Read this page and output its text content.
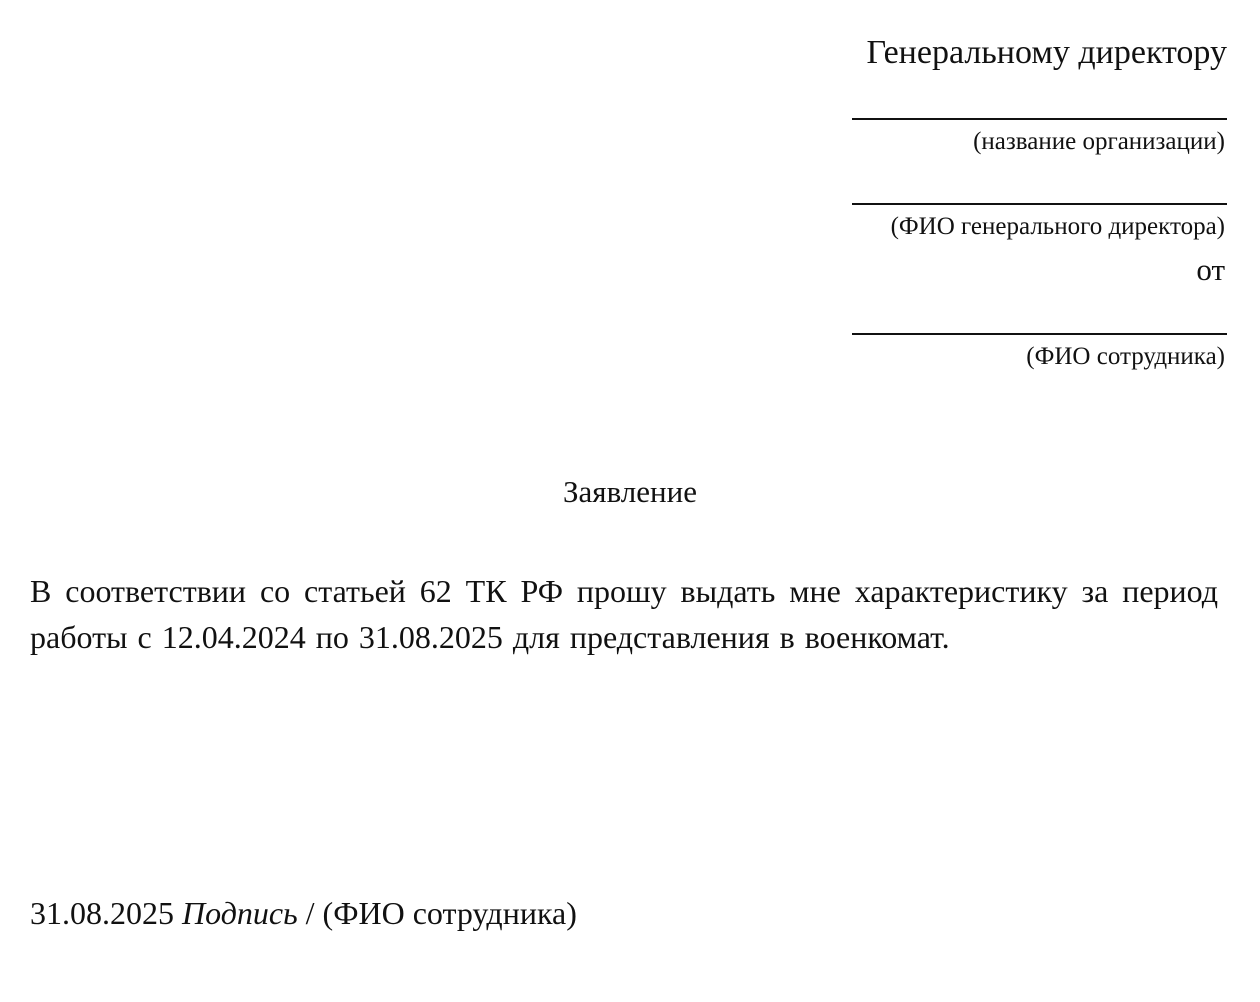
Генеральному директору
(название организации)
(ФИО генерального директора)
от
(ФИО сотрудника)
Заявление
В соответствии со статьей 62 ТК РФ прошу выдать мне характеристику за период работы с 12.04.2024 по 31.08.2025 для представления в военкомат.
31.08.2025 Подпись / (ФИО сотрудника)
